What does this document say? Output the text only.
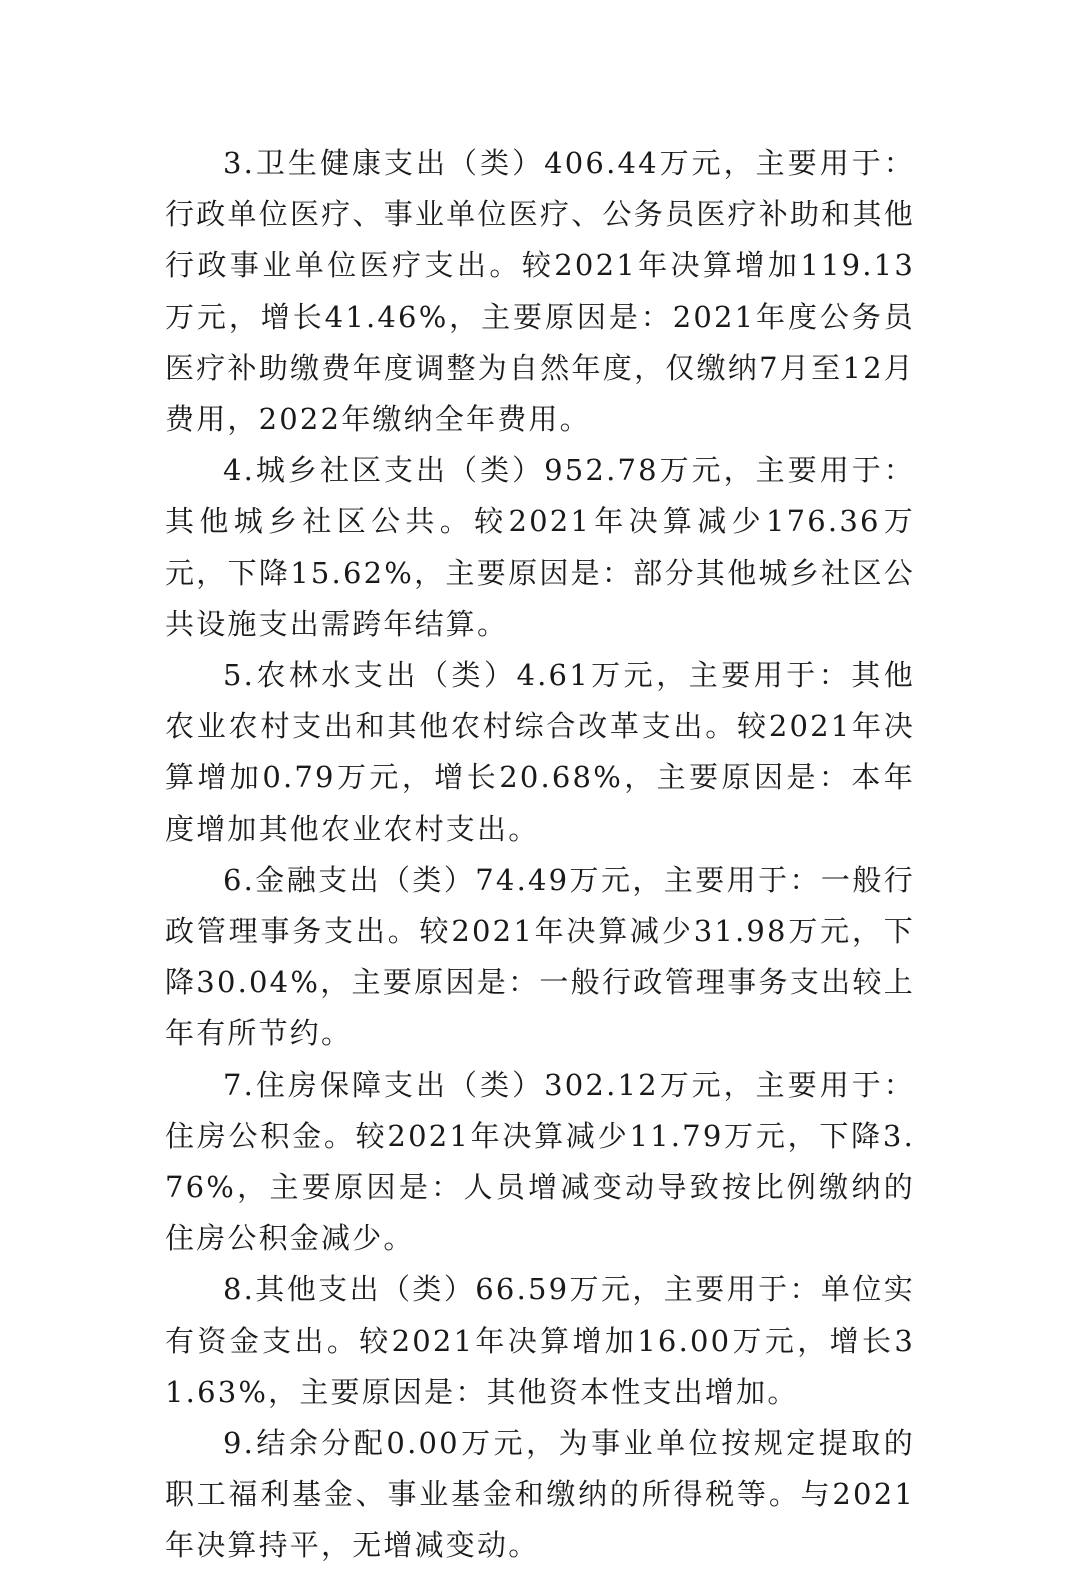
3.卫生健康支出（类）406.44万元，主要用于：行政单位医疗、事业单位医疗、公务员医疗补助和其他行政事业单位医疗支出。较2021年决算增加119.13万元，增长41.46%，主要原因是：2021年度公务员医疗补助缴费年度调整为自然年度，仅缴纳7月至12月费用，2022年缴纳全年费用。

4.城乡社区支出（类）952.78万元，主要用于：其他城乡社区公共。较2021年决算减少176.36万元，下降15.62%，主要原因是：部分其他城乡社区公共设施支出需跨年结算。

5.农林水支出（类）4.61万元，主要用于：其他农业农村支出和其他农村综合改革支出。较2021年决算增加0.79万元，增长20.68%，主要原因是：本年度增加其他农业农村支出。

6.金融支出（类）74.49万元，主要用于：一般行政管理事务支出。较2021年决算减少31.98万元，下降30.04%，主要原因是：一般行政管理事务支出较上年有所节约。

7.住房保障支出（类）302.12万元，主要用于：住房公积金。较2021年决算减少11.79万元，下降3.76%，主要原因是：人员增减变动导致按比例缴纳的住房公积金减少。

8.其他支出（类）66.59万元，主要用于：单位实有资金支出。较2021年决算增加16.00万元，增长31.63%，主要原因是：其他资本性支出增加。

9.结余分配0.00万元，为事业单位按规定提取的职工福利基金、事业基金和缴纳的所得税等。与2021年决算持平，无增减变动。
